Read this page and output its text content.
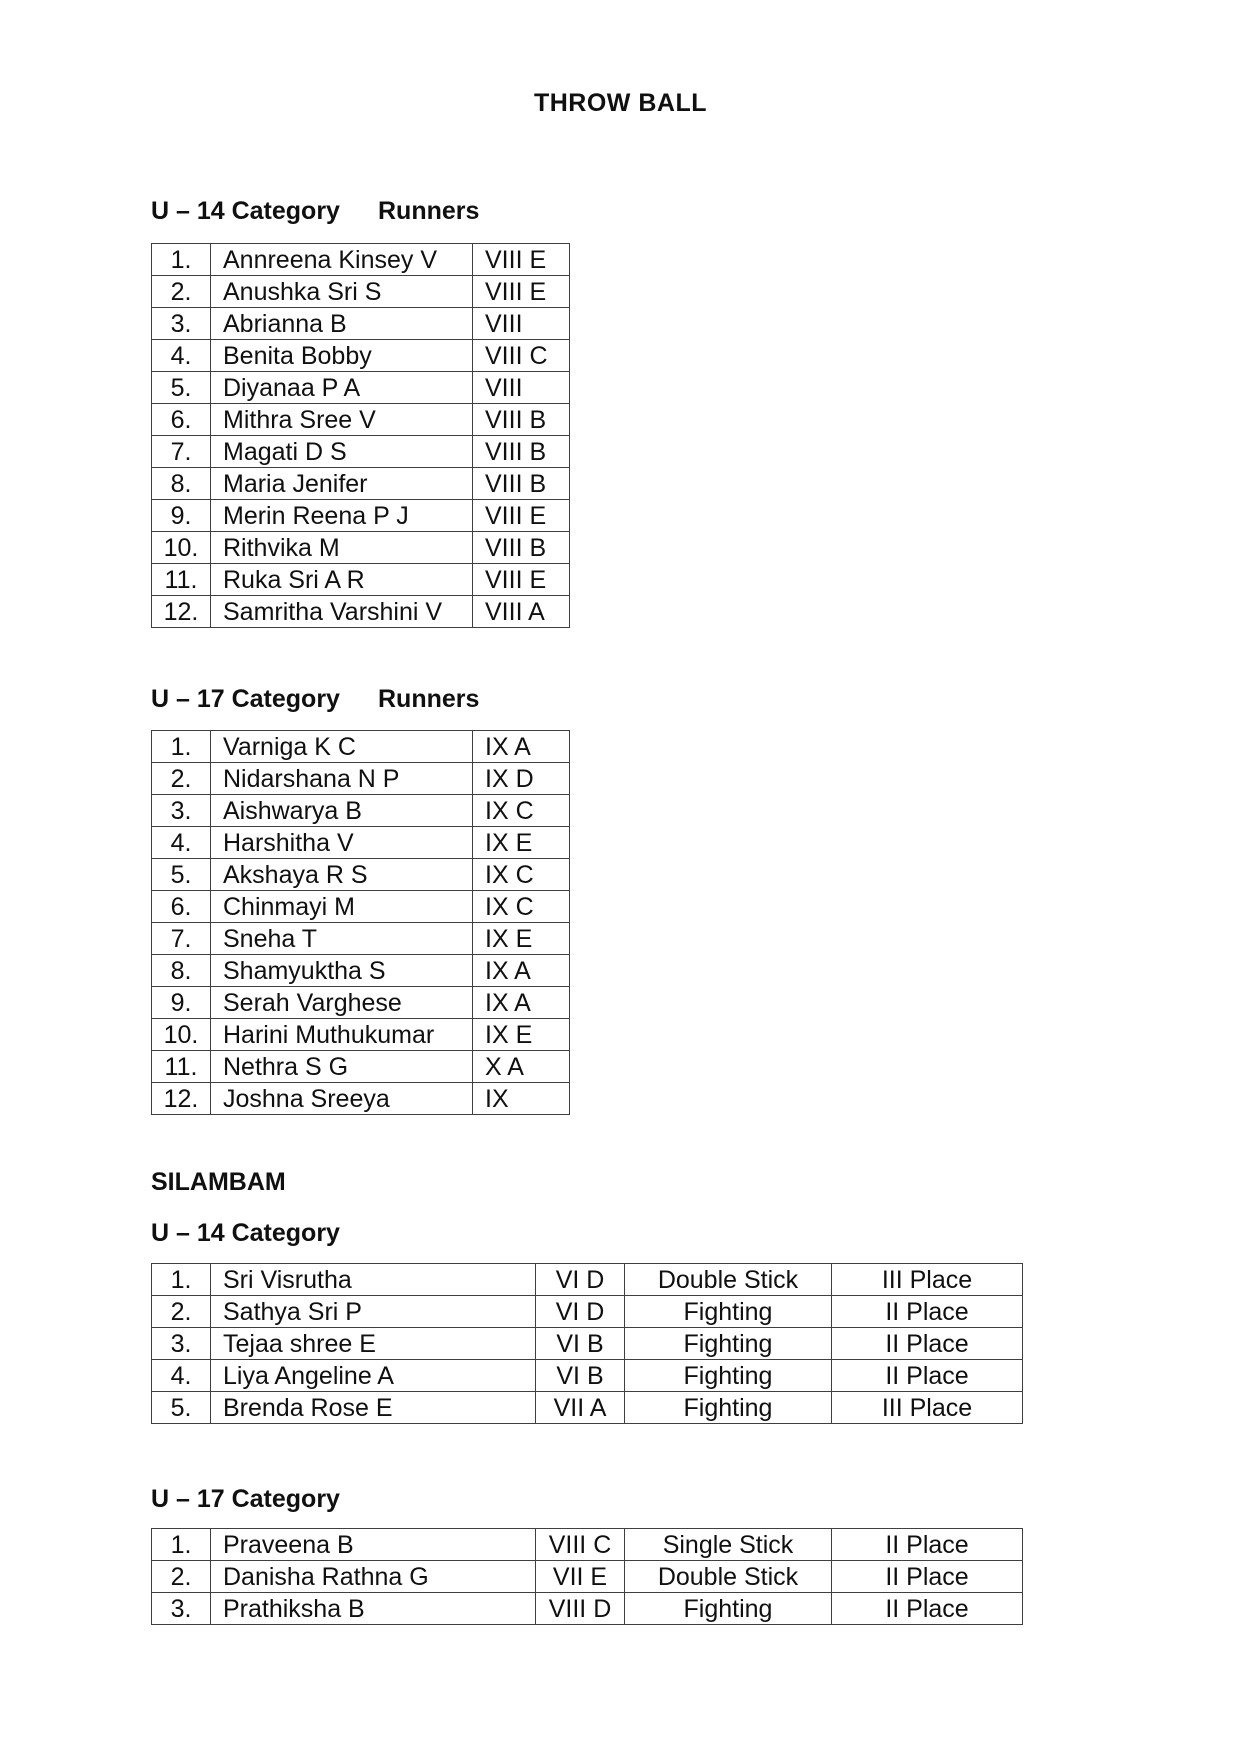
THROW BALL
U – 14 Category Runners
1.	Annreena Kinsey V	VIII E
2.	Anushka Sri S	VIII E
3.	Abrianna B	VIII
4.	Benita Bobby	VIII C
5.	Diyanaa P A	VIII
6.	Mithra Sree V	VIII B
7.	Magati D S	VIII B
8.	Maria Jenifer	VIII B
9.	Merin Reena P J	VIII E
10.	Rithvika M	VIII B
11.	Ruka Sri A R	VIII E
12.	Samritha Varshini V	VIII A
U – 17 Category Runners
1.	Varniga K C	IX A
2.	Nidarshana N P	IX D
3.	Aishwarya B	IX C
4.	Harshitha V	IX E
5.	Akshaya R S	IX C
6.	Chinmayi M	IX C
7.	Sneha T	IX E
8.	Shamyuktha S	IX A
9.	Serah Varghese	IX A
10.	Harini Muthukumar	IX E
11.	Nethra S G	X A
12.	Joshna Sreeya	IX
SILAMBAM
U – 14 Category
1.	Sri Visrutha	VI D	Double Stick	III Place
2.	Sathya Sri P	VI D	Fighting	II Place
3.	Tejaa shree E	VI B	Fighting	II Place
4.	Liya Angeline A	VI B	Fighting	II Place
5.	Brenda Rose E	VII A	Fighting	III Place
U – 17 Category
1.	Praveena B	VIII C	Single Stick	II Place
2.	Danisha Rathna G	VII E	Double Stick	II Place
3.	Prathiksha B	VIII D	Fighting	II Place
